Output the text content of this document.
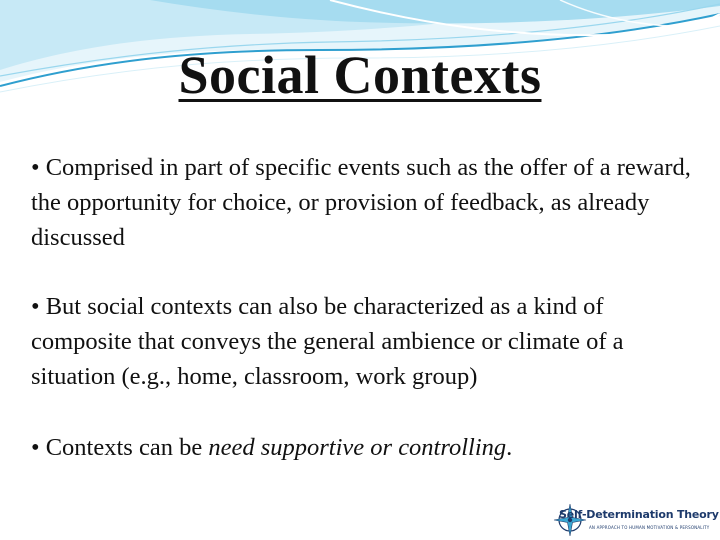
Social Contexts
• Comprised in part of specific events such as the offer of a reward, the opportunity for choice, or provision of feedback, as already discussed
• But social contexts can also be characterized as a kind of composite that conveys the general ambience or climate of a situation (e.g., home, classroom, work group)
• Contexts can be need supportive or controlling.
Self-Determination Theory
AN APPROACH TO HUMAN MOTIVATION & PERSONALITY
